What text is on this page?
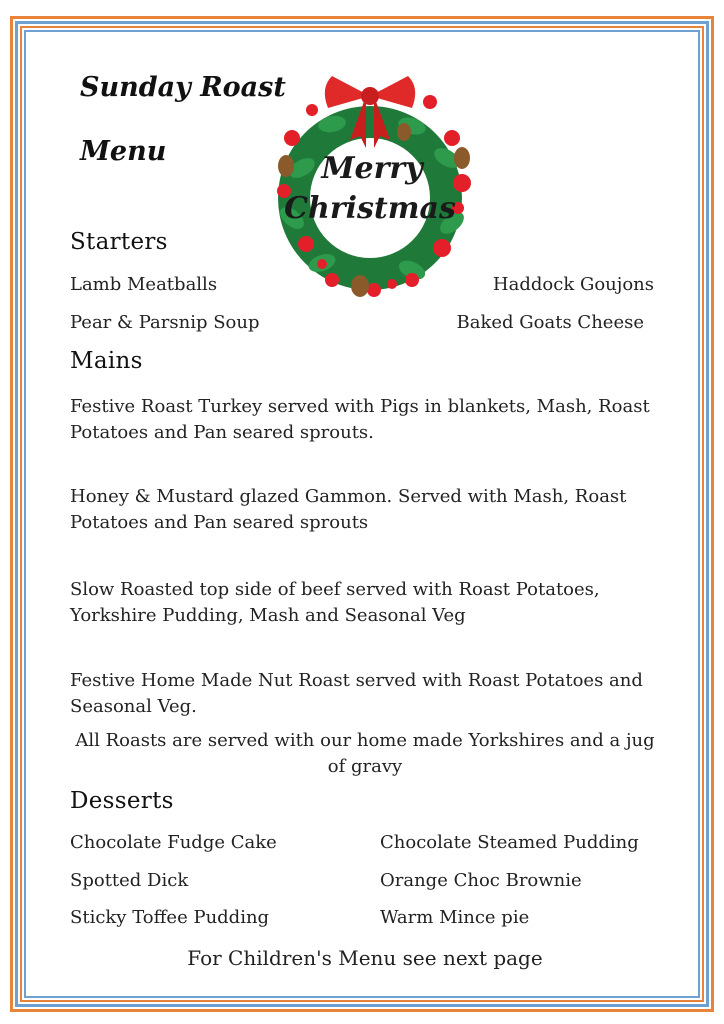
Sunday Roast
Menu	Merry
Christmas
Starters
Lamb Meatballs	Haddock Goujons
Pear & Parsnip Soup	Baked Goats Cheese
Mains
Festive Roast Turkey served with Pigs in blankets, Mash, Roast Potatoes and Pan seared sprouts.
Honey & Mustard glazed Gammon. Served with Mash, Roast Potatoes and Pan seared sprouts
Slow Roasted top side of beef served with Roast Potatoes, Yorkshire Pudding, Mash and Seasonal Veg
Festive Home Made Nut Roast served with Roast Potatoes and Seasonal Veg.
All Roasts are served with our home made Yorkshires and a jug of gravy
Desserts
Chocolate Fudge Cake	Chocolate Steamed Pudding
Spotted Dick	Orange Choc Brownie
Sticky Toffee Pudding	Warm Mince pie
For Children's Menu see next page
